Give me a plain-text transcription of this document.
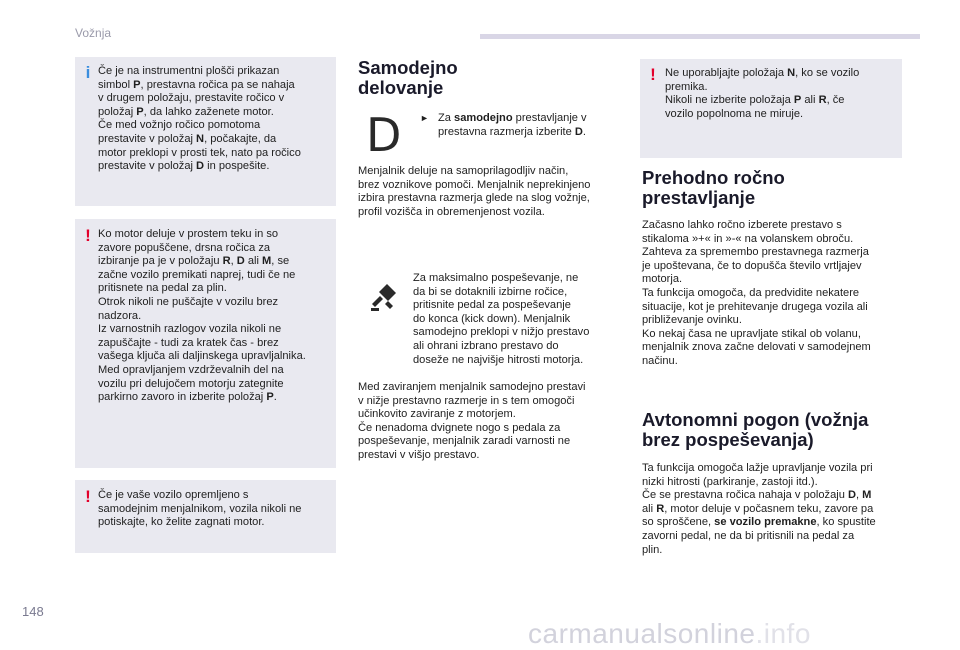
Vožnja
i Če je na instrumentni plošči prikazan
simbol P, prestavna ročica pa se nahaja
v drugem položaju, prestavite ročico v
položaj P, da lahko zaženete motor.
Če med vožnjo ročico pomotoma
prestavite v položaj N, počakajte, da
motor preklopi v prosti tek, nato pa ročico
prestavite v položaj D in pospešite.
! Ko motor deluje v prostem teku in so
zavore popuščene, drsna ročica za
izbiranje pa je v položaju R, D ali M, se
začne vozilo premikati naprej, tudi če ne
pritisnete na pedal za plin.
Otrok nikoli ne puščajte v vozilu brez
nadzora.
Iz varnostnih razlogov vozila nikoli ne
zapuščajte - tudi za kratek čas - brez
vašega ključa ali daljinskega upravljalnika.
Med opravljanjem vzdrževalnih del na
vozilu pri delujočem motorju zategnite
parkirno zavoro in izberite položaj P.
! Če je vaše vozilo opremljeno s
samodejnim menjalnikom, vozila nikoli ne
potiskajte, ko želite zagnati motor.
Samodejno
delovanje
D ► Za samodejno prestavljanje v
prestavna razmerja izberite D.
Menjalnik deluje na samoprilagodljiv način,
brez voznikove pomoči. Menjalnik neprekinjeno
izbira prestavna razmerja glede na slog vožnje,
profil vozišča in obremenjenost vozila.
Za maksimalno pospeševanje, ne
da bi se dotaknili izbirne ročice,
pritisnite pedal za pospeševanje
do konca (kick down). Menjalnik
samodejno preklopi v nižjo prestavo
ali ohrani izbrano prestavo do
doseže ne najvišje hitrosti motorja.
Med zaviranjem menjalnik samodejno prestavi
v nižje prestavno razmerje in s tem omogoči
učinkovito zaviranje z motorjem.
Če nenadoma dvignete nogo s pedala za
pospeševanje, menjalnik zaradi varnosti ne
prestavi v višjo prestavo.
! Ne uporabljajte položaja N, ko se vozilo
premika.
Nikoli ne izberite položaja P ali R, če
vozilo popolnoma ne miruje.
Prehodno ročno
prestavljanje
Začasno lahko ročno izberete prestavo s
stikaloma »+« in »-« na volanskem obroču.
Zahteva za spremembo prestavnega razmerja
je upoštevana, če to dopušča število vrtljajev
motorja.
Ta funkcija omogoča, da predvidite nekatere
situacije, kot je prehitevanje drugega vozila ali
približevanje ovinku.
Ko nekaj časa ne upravljate stikal ob volanu,
menjalnik znova začne delovati v samodejnem
načinu.
Avtonomni pogon (vožnja
brez pospeševanja)
Ta funkcija omogoča lažje upravljanje vozila pri
nizki hitrosti (parkiranje, zastoji itd.).
Če se prestavna ročica nahaja v položaju D, M
ali R, motor deluje v počasnem teku, zavore pa
so sproščene, se vozilo premakne, ko spustite
zavorni pedal, ne da bi pritisnili na pedal za
plin.
148
carmanualsonline.info
